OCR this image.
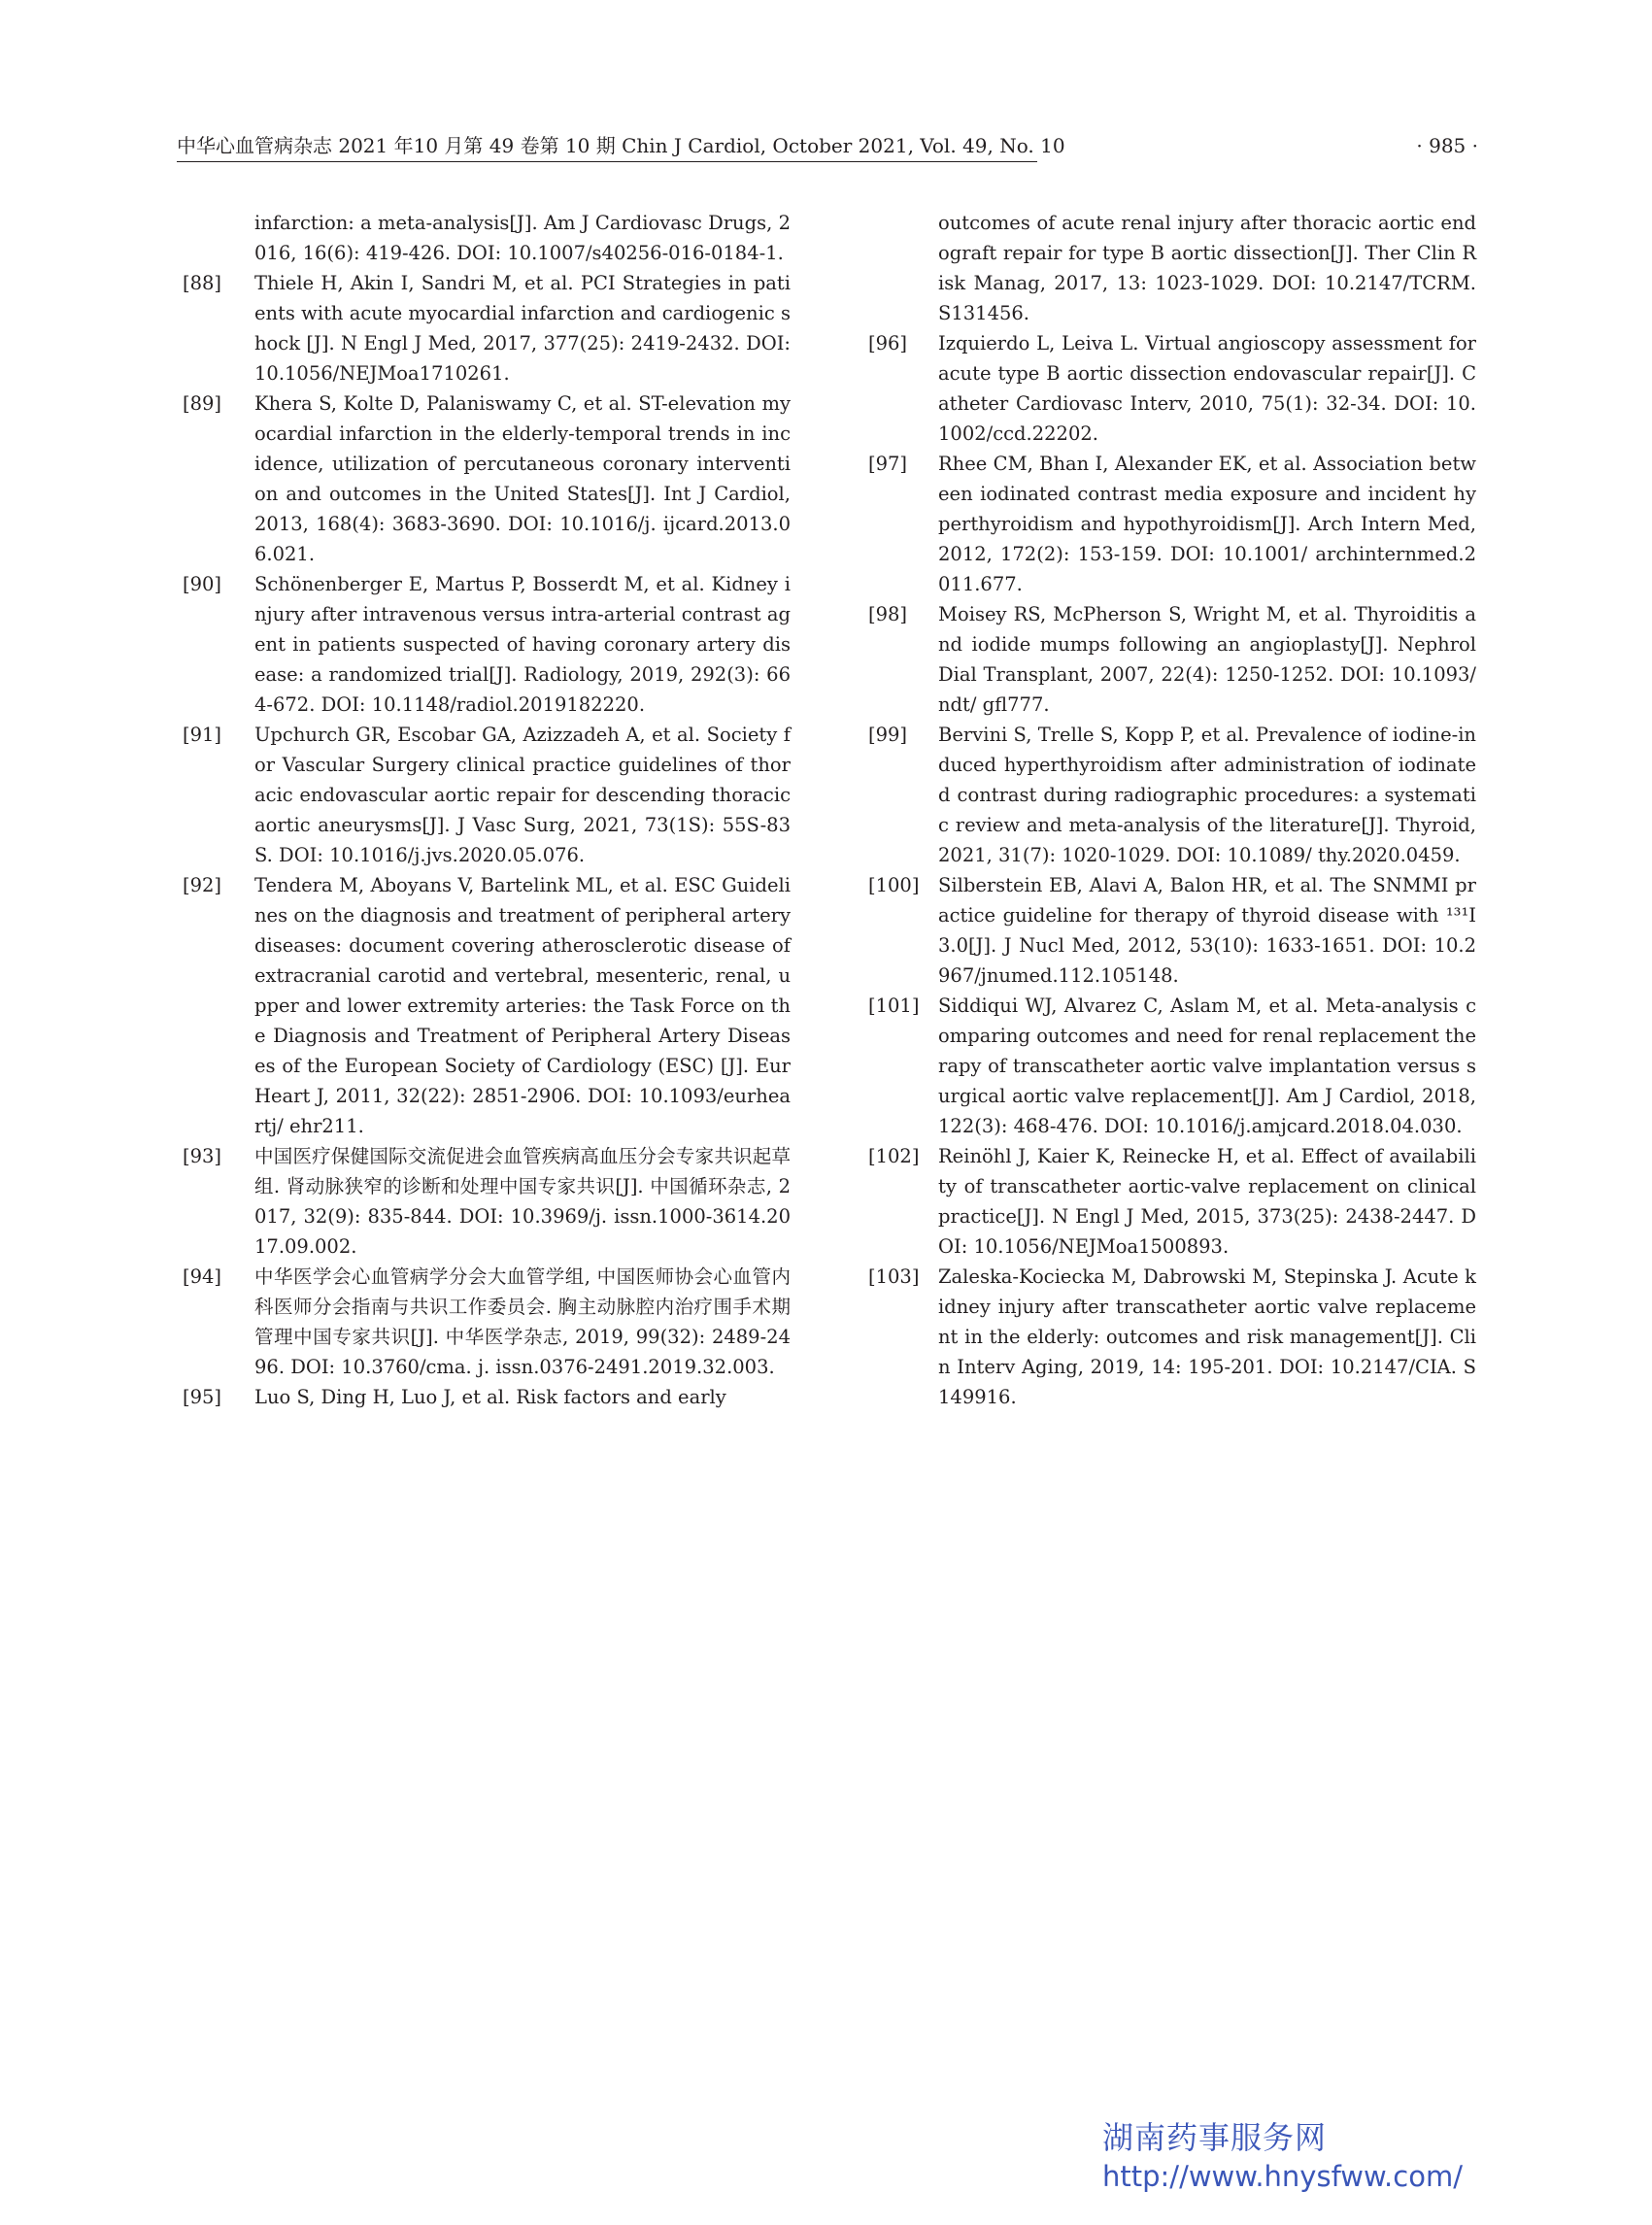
中华心血管病杂志 2021 年10 月第 49 卷第 10 期 Chin J Cardiol, October 2021, Vol. 49, No. 10	· 985 ·
infarction: a meta-analysis[J]. Am J Cardiovasc Drugs, 2016, 16(6): 419-426. DOI: 10.1007/s40256-016-0184-1.
[88] Thiele H, Akin I, Sandri M, et al. PCI Strategies in patients with acute myocardial infarction and cardiogenic shock [J]. N Engl J Med, 2017, 377(25): 2419-2432. DOI: 10.1056/NEJMoa1710261.
[89] Khera S, Kolte D, Palaniswamy C, et al. ST-elevation myocardial infarction in the elderly-temporal trends in incidence, utilization of percutaneous coronary intervention and outcomes in the United States[J]. Int J Cardiol, 2013, 168(4): 3683-3690. DOI: 10.1016/j. ijcard.2013.06.021.
[90] Schönenberger E, Martus P, Bosserdt M, et al. Kidney injury after intravenous versus intra-arterial contrast agent in patients suspected of having coronary artery disease: a randomized trial[J]. Radiology, 2019, 292(3): 664-672. DOI: 10.1148/radiol.2019182220.
[91] Upchurch GR, Escobar GA, Azizzadeh A, et al. Society for Vascular Surgery clinical practice guidelines of thoracic endovascular aortic repair for descending thoracic aortic aneurysms[J]. J Vasc Surg, 2021, 73(1S): 55S-83S. DOI: 10.1016/j.jvs.2020.05.076.
[92] Tendera M, Aboyans V, Bartelink ML, et al. ESC Guidelines on the diagnosis and treatment of peripheral artery diseases: document covering atherosclerotic disease of extracranial carotid and vertebral, mesenteric, renal, upper and lower extremity arteries: the Task Force on the Diagnosis and Treatment of Peripheral Artery Diseases of the European Society of Cardiology (ESC) [J]. Eur Heart J, 2011, 32(22): 2851-2906. DOI: 10.1093/eurheartj/ ehr211.
[93] 中国医疗保健国际交流促进会血管疾病高血压分会专家共识起草组. 肾动脉狭窄的诊断和处理中国专家共识[J]. 中国循环杂志, 2017, 32(9): 835-844. DOI: 10.3969/j. issn.1000-3614.2017.09.002.
[94] 中华医学会心血管病学分会大血管学组, 中国医师协会心血管内科医师分会指南与共识工作委员会. 胸主动脉腔内治疗围手术期管理中国专家共识[J]. 中华医学杂志, 2019, 99(32): 2489-2496. DOI: 10.3760/cma. j. issn.0376-2491.2019.32.003.
[95] Luo S, Ding H, Luo J, et al. Risk factors and early
outcomes of acute renal injury after thoracic aortic endograft repair for type B aortic dissection[J]. Ther Clin Risk Manag, 2017, 13: 1023-1029. DOI: 10.2147/TCRM. S131456.
[96] Izquierdo L, Leiva L. Virtual angioscopy assessment for acute type B aortic dissection endovascular repair[J]. Catheter Cardiovasc Interv, 2010, 75(1): 32-34. DOI: 10.1002/ccd.22202.
[97] Rhee CM, Bhan I, Alexander EK, et al. Association between iodinated contrast media exposure and incident hyperthyroidism and hypothyroidism[J]. Arch Intern Med, 2012, 172(2): 153-159. DOI: 10.1001/ archinternmed.2011.677.
[98] Moisey RS, McPherson S, Wright M, et al. Thyroiditis and iodide mumps following an angioplasty[J]. Nephrol Dial Transplant, 2007, 22(4): 1250-1252. DOI: 10.1093/ndt/ gfl777.
[99] Bervini S, Trelle S, Kopp P, et al. Prevalence of iodine-induced hyperthyroidism after administration of iodinated contrast during radiographic procedures: a systematic review and meta-analysis of the literature[J]. Thyroid, 2021, 31(7): 1020-1029. DOI: 10.1089/ thy.2020.0459.
[100] Silberstein EB, Alavi A, Balon HR, et al. The SNMMI practice guideline for therapy of thyroid disease with ¹³¹I 3.0[J]. J Nucl Med, 2012, 53(10): 1633-1651. DOI: 10.2967/jnumed.112.105148.
[101] Siddiqui WJ, Alvarez C, Aslam M, et al. Meta-analysis comparing outcomes and need for renal replacement therapy of transcatheter aortic valve implantation versus surgical aortic valve replacement[J]. Am J Cardiol, 2018, 122(3): 468-476. DOI: 10.1016/j.amjcard.2018.04.030.
[102] Reinöhl J, Kaier K, Reinecke H, et al. Effect of availability of transcatheter aortic-valve replacement on clinical practice[J]. N Engl J Med, 2015, 373(25): 2438-2447. DOI: 10.1056/NEJMoa1500893.
[103] Zaleska-Kociecka M, Dabrowski M, Stepinska J. Acute kidney injury after transcatheter aortic valve replacement in the elderly: outcomes and risk management[J]. Clin Interv Aging, 2019, 14: 195-201. DOI: 10.2147/CIA. S149916.
湖南药事服务网
http://www.hnysfww.com/
